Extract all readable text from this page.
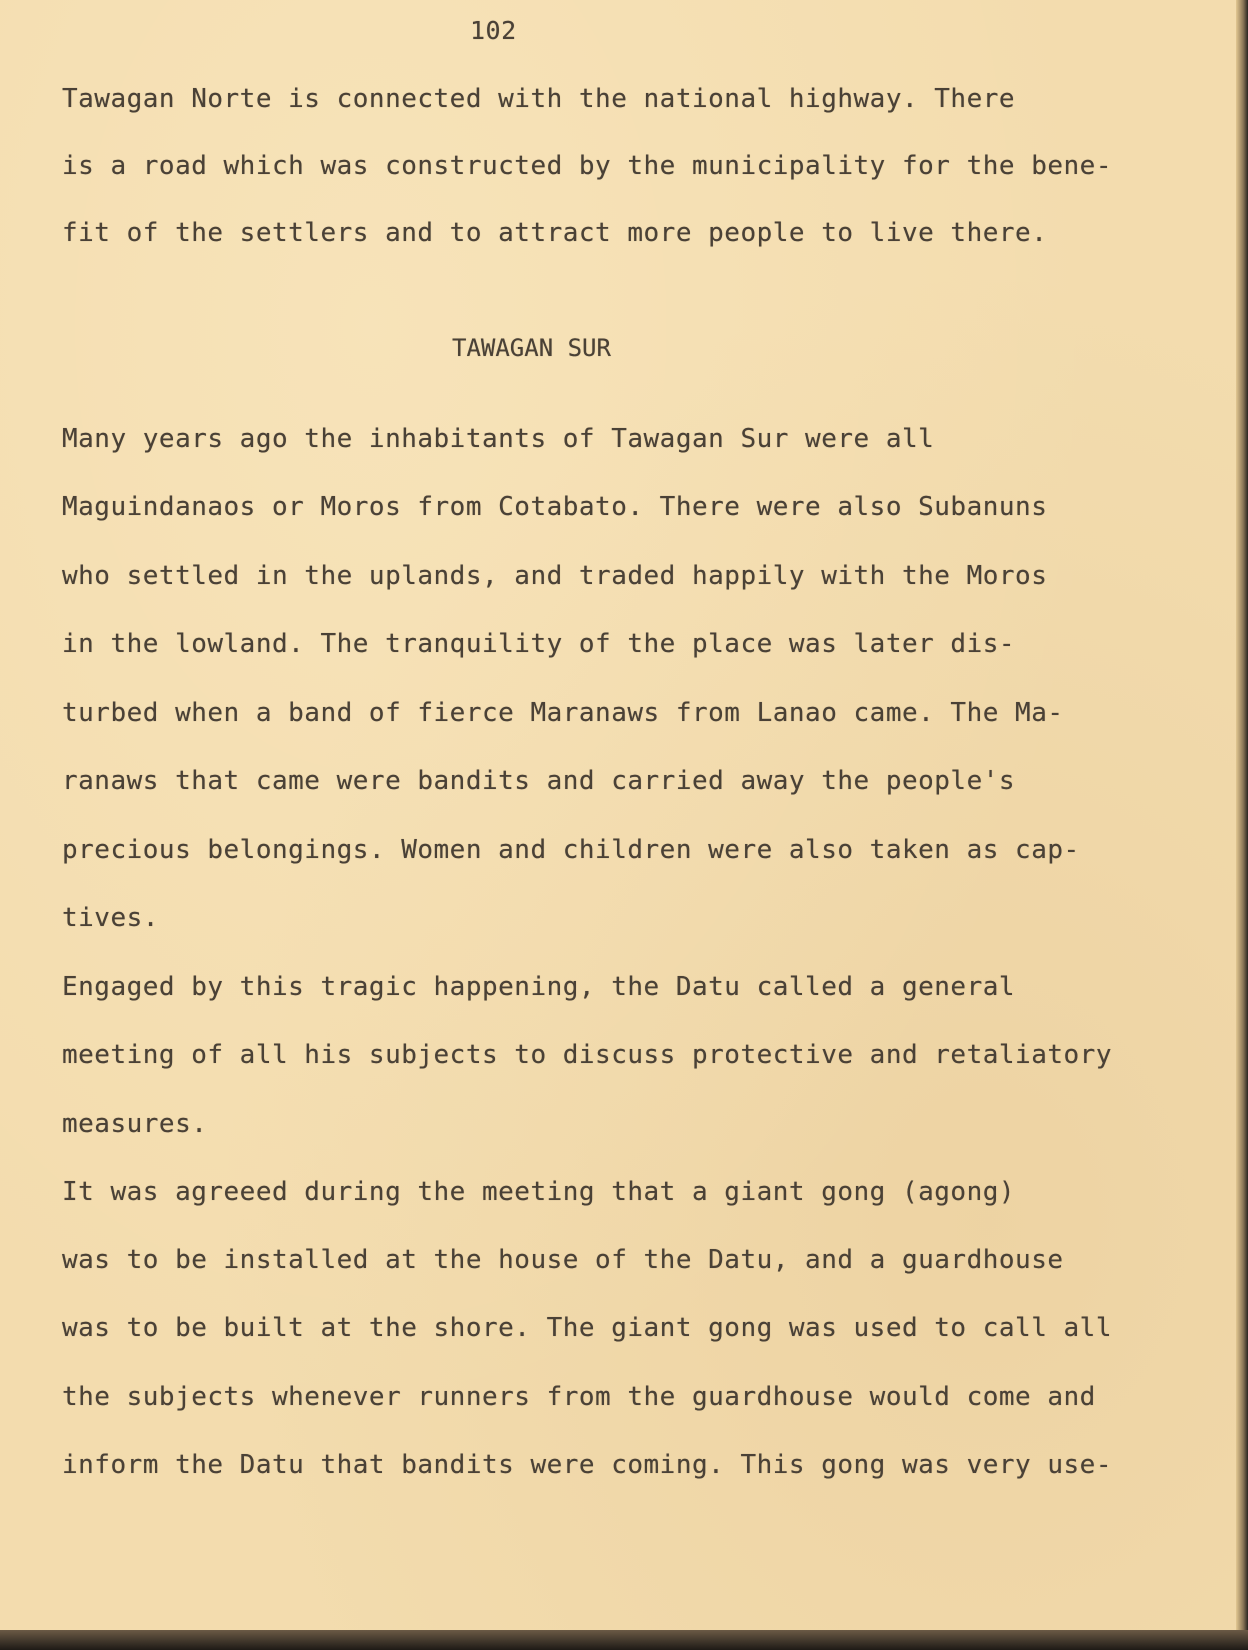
102

Tawagan Norte is connected with the national highway. There

is a road which was constructed by the municipality for the bene-

fit of the settlers and to attract more people to live there.

TAWAGAN SUR

Many years ago the inhabitants of Tawagan Sur were all

Maguindanaos or Moros from Cotabato. There were also Subanuns

who settled in the uplands, and traded happily with the Moros

in the lowland. The tranquility of the place was later dis-

turbed when a band of fierce Maranaws from Lanao came. The Ma-

ranaws that came were bandits and carried away the people's

precious belongings. Women and children were also taken as cap-

tives.

Engaged by this tragic happening, the Datu called a general

meeting of all his subjects to discuss protective and retaliatory

measures.

It was agreeed during the meeting that a giant gong (agong)

was to be installed at the house of the Datu, and a guardhouse

was to be built at the shore. The giant gong was used to call all

the subjects whenever runners from the guardhouse would come and

inform the Datu that bandits were coming. This gong was very use-
